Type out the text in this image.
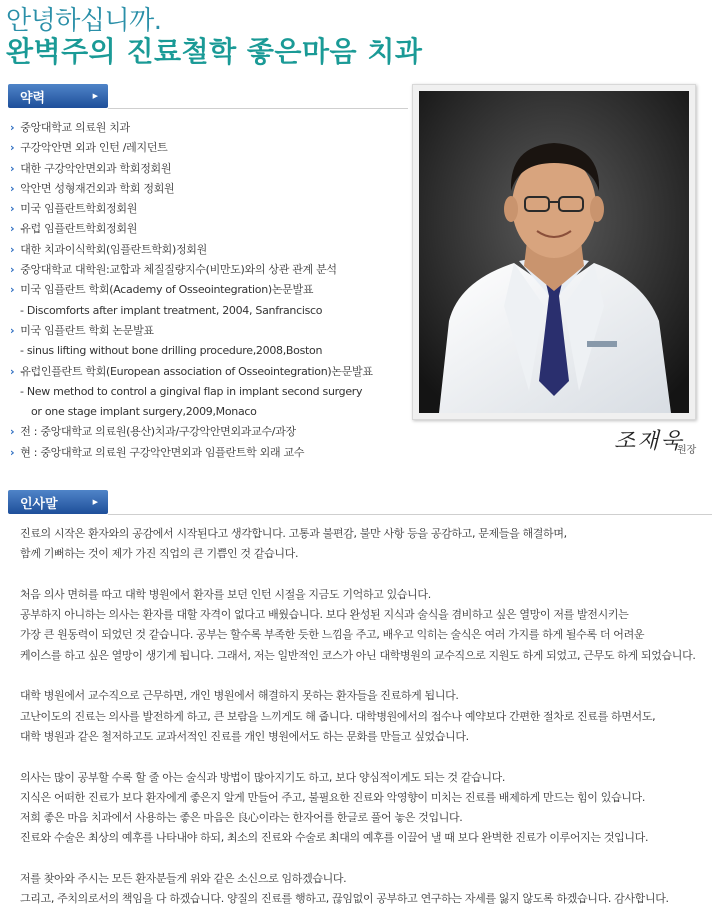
안녕하십니까.
완벽주의 진료철학 좋은마음 치과
약력	▶
› 중앙대학교 의료원 치과
› 구강악안면 외과 인턴 /레지던트
› 대한 구강악안면외과 학회정회원
› 악안면 성형재건외과 학회 정회원
› 미국 임플란트학회정회원
› 유럽 임플란트학회정회원
› 대한 치과이식학회(임플란트학회)정회원
› 중앙대학교 대학원:교합과 체질질량지수(비만도)와의 상관 관계 분석
› 미국 임플란트 학회(Academy of Osseointegration)논문발표
- Discomforts after implant treatment, 2004, Sanfrancisco
› 미국 임플란트 학회 논문발표
- sinus lifting without bone drilling procedure,2008,Boston
› 유럽인플란트 학회(European association of Osseointegration)논문발표
- New method to control a gingival flap in implant second surgery
or one stage implant surgery,2009,Monaco
› 전 : 중앙대학교 의료원(용산)치과/구강악안면외과교수/과장
› 현 : 중앙대학교 의료원 구강악안면외과 임플란트학 외래 교수	조재욱
원장
인사말	▶

진료의 시작은 환자와의 공감에서 시작된다고 생각합니다. 고통과 불편감, 불만 사항 등을 공감하고, 문제들을 해결하며,

함께 기뻐하는 것이 제가 가진 직업의 큰 기쁨인 것 같습니다.

처음 의사 면허를 따고 대학 병원에서 환자를 보던 인턴 시절을 지금도 기억하고 있습니다.

공부하지 아니하는 의사는 환자를 대할 자격이 없다고 배웠습니다. 보다 완성된 지식과 술식을 겸비하고 싶은 열망이 저를 발전시키는

가장 큰 원동력이 되었던 것 같습니다. 공부는 할수록 부족한 듯한 느낌을 주고, 배우고 익히는 술식은 여러 가지를 하게 될수록 더 어려운

케이스를 하고 싶은 열망이 생기게 됩니다. 그래서, 저는 일반적인 코스가 아닌 대학병원의 교수직으로 지원도 하게 되었고, 근무도 하게 되었습니다.

대학 병원에서 교수직으로 근무하면, 개인 병원에서 해결하지 못하는 환자들을 진료하게 됩니다.

고난이도의 진료는 의사를 발전하게 하고, 큰 보람을 느끼게도 해 줍니다. 대학병원에서의 접수나 예약보다 간편한 절차로 진료를 하면서도,

대학 병원과 같은 철저하고도 교과서적인 진료를 개인 병원에서도 하는 문화를 만들고 싶었습니다.

의사는 많이 공부할 수록 할 줄 아는 술식과 방법이 많아지기도 하고, 보다 양심적이게도 되는 것 같습니다.

지식은 어떠한 진료가 보다 환자에게 좋은지 알게 만들어 주고, 불필요한 진료와 악영향이 미치는 진료를 배제하게 만드는 힘이 있습니다.

저희 좋은 마음 치과에서 사용하는 좋은 마음은 良心이라는 한자어를 한글로 풀어 놓은 것입니다.

진료와 수술은 최상의 예후를 나타내야 하되, 최소의 진료와 수술로 최대의 예후를 이끌어 낼 때 보다 완벽한 진료가 이루어지는 것입니다.

저를 찾아와 주시는 모든 환자분들게 위와 같은 소신으로 임하겠습니다.

그리고, 주치의로서의 책임을 다 하겠습니다. 양질의 진료를 행하고, 끊임없이 공부하고 연구하는 자세를 잃지 않도록 하겠습니다. 감사합니다.
